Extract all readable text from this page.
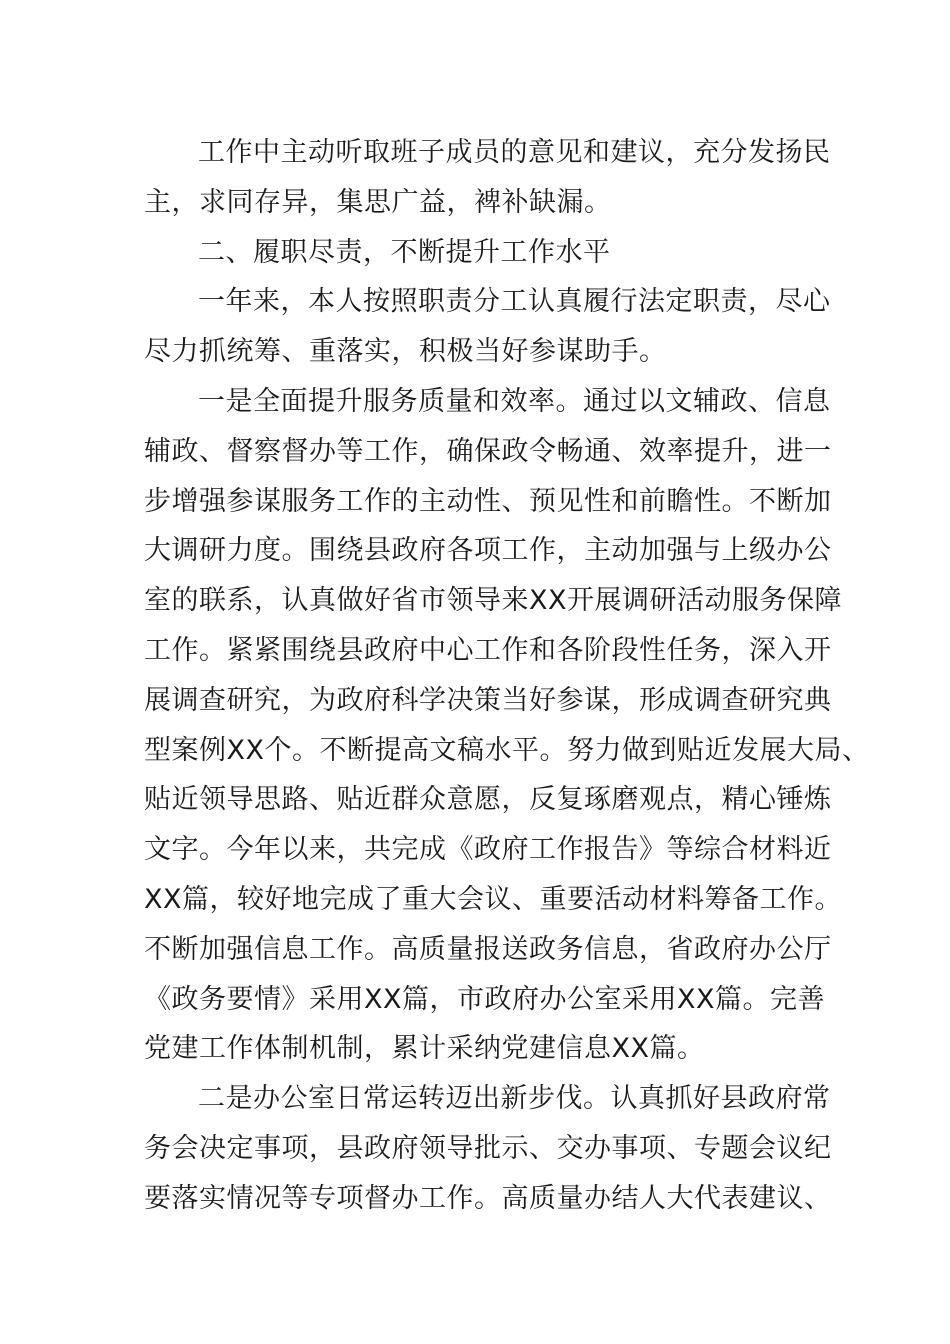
工作中主动听取班子成员的意见和建议，充分发扬民
主，求同存异，集思广益，裨补缺漏。
二、履职尽责，不断提升工作水平
一年来，本人按照职责分工认真履行法定职责，尽心
尽力抓统筹、重落实，积极当好参谋助手。
一是全面提升服务质量和效率。通过以文辅政、信息
辅政、督察督办等工作，确保政令畅通、效率提升，进一
步增强参谋服务工作的主动性、预见性和前瞻性。不断加
大调研力度。围绕县政府各项工作，主动加强与上级办公
室的联系，认真做好省市领导来XX开展调研活动服务保障
工作。紧紧围绕县政府中心工作和各阶段性任务，深入开
展调查研究，为政府科学决策当好参谋，形成调查研究典
型案例XX个。不断提高文稿水平。努力做到贴近发展大局、
贴近领导思路、贴近群众意愿，反复琢磨观点，精心锤炼
文字。今年以来，共完成《政府工作报告》等综合材料近
XX篇，较好地完成了重大会议、重要活动材料筹备工作。
不断加强信息工作。高质量报送政务信息，省政府办公厅
《政务要情》采用XX篇，市政府办公室采用XX篇。完善
党建工作体制机制，累计采纳党建信息XX篇。
二是办公室日常运转迈出新步伐。认真抓好县政府常
务会决定事项，县政府领导批示、交办事项、专题会议纪
要落实情况等专项督办工作。高质量办结人大代表建议、
